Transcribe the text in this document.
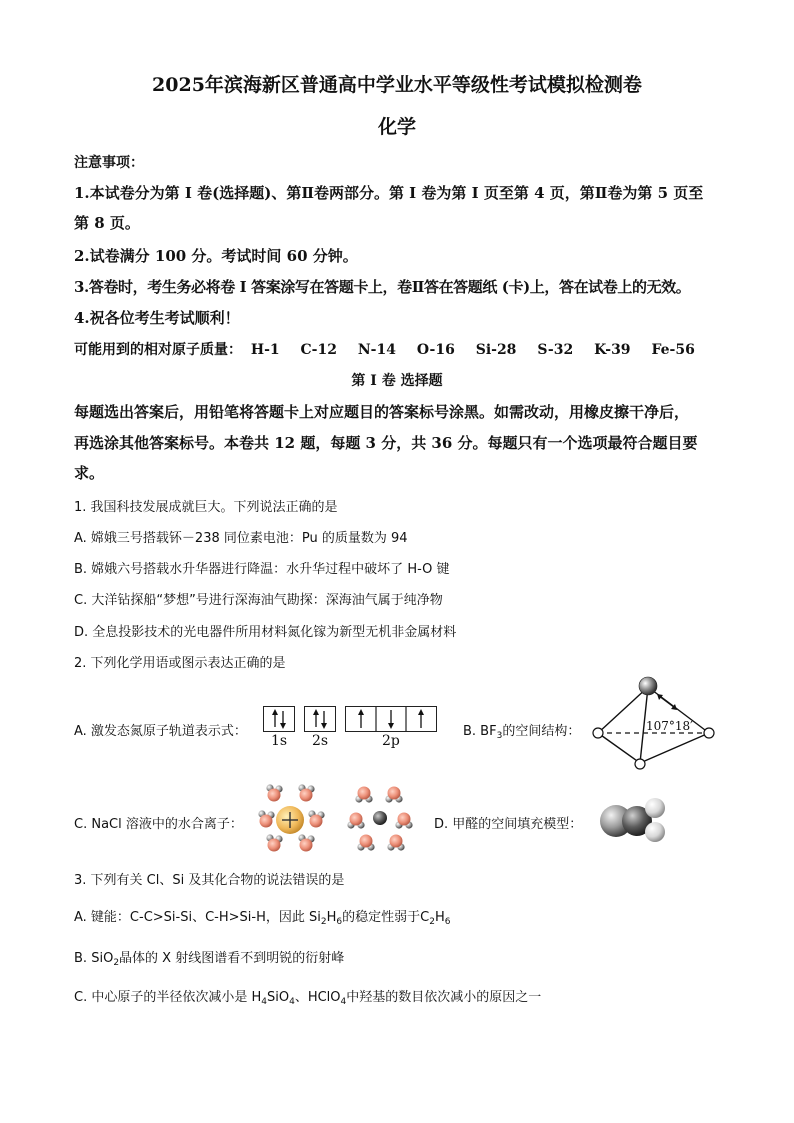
2025年滨海新区普通高中学业水平等级性考试模拟检测卷
化学
注意事项：
1.本试卷分为第 I 卷(选择题)、第Ⅱ卷两部分。第 I 卷为第 I 页至第 4 页，第Ⅱ卷为第 5 页至
第 8 页。
2.试卷满分 100 分。考试时间 60 分钟。
3.答卷时，考生务必将卷 I 答案涂写在答题卡上，卷Ⅱ答在答题纸 (卡)上，答在试卷上的无效。
4.祝各位考生考试顺利！
可能用到的相对原子质量： H-1 C-12 N-14 O-16 Si-28 S-32 K-39 Fe-56
第 I 卷 选择题
每题选出答案后，用铅笔将答题卡上对应题目的答案标号涂黑。如需改动，用橡皮擦干净后，
再选涂其他答案标号。本卷共 12 题，每题 3 分，共 36 分。每题只有一个选项最符合题目要
求。
1. 我国科技发展成就巨大。下列说法正确的是
A. 嫦娥三号搭载钚－238 同位素电池：Pu 的质量数为 94
B. 嫦娥六号搭载水升华器进行降温：水升华过程中破坏了 H-O 键
C. 大洋钻探船“梦想”号进行深海油气勘探：深海油气属于纯净物
D. 全息投影技术的光电器件所用材料氮化镓为新型无机非金属材料
2. 下列化学用语或图示表达正确的是
A. 激发态氮原子轨道表示式：
1s 2s	2p
B. $BF_3$的空间结构：	107°18′
C. NaCl 溶液中的水合离子：	D. 甲醛的空间填充模型：
3. 下列有关 Cl、Si 及其化合物的说法错误的是
A. 键能：C-C>Si-Si、C-H>Si-H，因此 $Si_2H_6$的稳定性弱于$C_2H_6$
B. SiO$_2$晶体的 X 射线图谱看不到明锐的衍射峰
C. 中心原子的半径依次减小是 $H_4SiO_4$、HClO$_4$中羟基的数目依次减小的原因之一
